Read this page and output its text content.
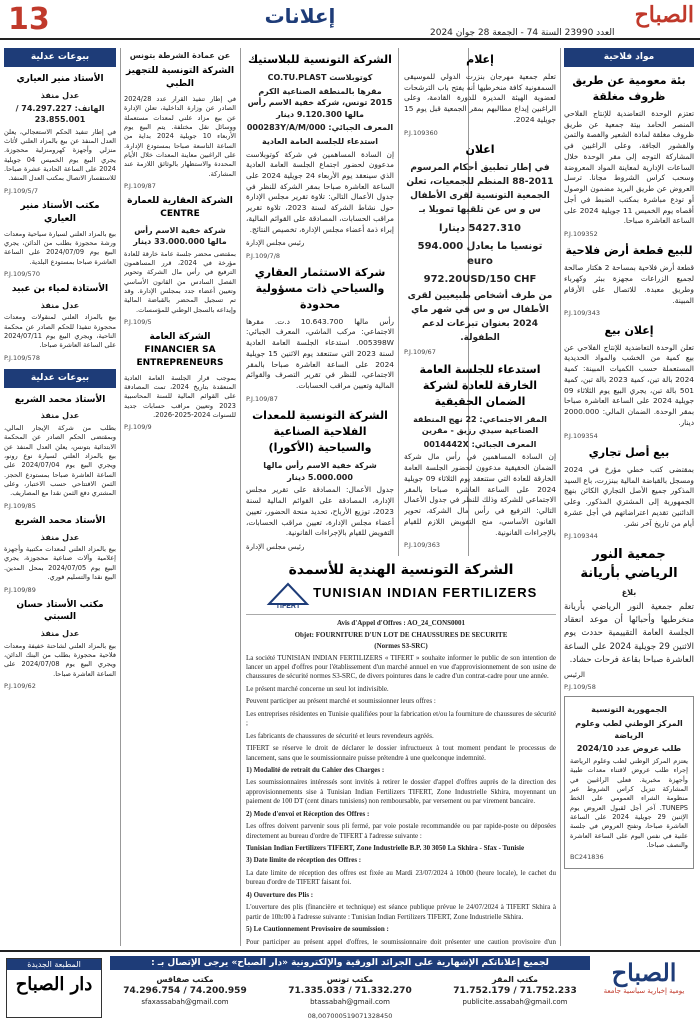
13	إعلانات
العدد 23990 السنة 74 - الجمعة 28 جوان 2024
الصباح
مواد فلاحية
بئة معومية عن طريق ظروف مغلقة

تعتزم الوحدة التعاضدية للإنتاج الفلاحي المنصر الحامد بيتة جمعية عن طريق ظروف مغلقة لمادة الشعير والفصة والتمن والقشور الجافة، وعلى الراغبين في المشاركة التوجه إلى مقر الوحدة خلال الساعات الإدارية لمعاينة المواد المعروضة وسحب كراس الشروط مجانا. ترسل العروض عن طريق البريد مضمون الوصول أو تودع مباشرة بمكتب الضبط في أجل أقصاه يوم الخميس 11 جويلية 2024 على الساعة العاشرة صباحا.

P.J.109352
للبيع قطعة أرض فلاحية

قطعة أرض فلاحية بمساحة 2 هكتار صالحة لجميع الزراعات مجهزة ببئر وكهرباء وطريق معبدة. للاتصال على الأرقام المبينة.

P.J.109/343
إعلان بيع

تعلن الوحدة التعاضدية للإنتاج الفلاحي عن بيع كمية من الخشب والمواد الحديدية المستعملة حسب الكميات المبينة: كمية 2024 بالة تبن، كمية 2023 بالة تبن، كمية 501 بالة تبن، يجري البيع يوم الثلاثاء 09 جويلية 2024 على الساعة العاشرة صباحا بمقر الوحدة. الضمان المالي: 2000.000 دينار.

P.J.109354
بيع أصل تجاري

بمقتضى كتب خطي مؤرخ في 2024 ومسجل بالقباضة المالية ببنزرت، باع السيد المذكور جميع الأصل التجاري الكائن بنهج الجمهورية إلى المشتري المذكور. وعلى الدائنين تقديم اعتراضاتهم في أجل عشرة أيام من تاريخ آخر نشر.

P.J.109344
جمعية النور الرياضي بأريانة
بلاغ

تعلم جمعية النور الرياضي بأريانة منخرطيها وأحبائها أن موعد انعقاد الجلسة العامة التقييمية حددت يوم الاثنين 29 جويلية 2024 على الساعة العاشرة صباحا بقاعة فرحات حشاد.

الرئيس
P.J.109/58
الجمهورية التونسية
المركز الوطني لطب وعلوم الرياضة
طلب عروض عدد 2024/10

يعتزم المركز الوطني لطب وعلوم الرياضة إجراء طلب عروض لاقتناء معدات طبية وأجهزة مخبرية. فعلى الراغبين في المشاركة تنزيل كراس الشروط عبر منظومة الشراء العمومي على الخط TUNEPS. آخر أجل لقبول العروض يوم الإثنين 29 جويلية 2024 على الساعة العاشرة صباحا، وتفتح العروض في جلسة علنية في نفس اليوم على الساعة العاشرة والنصف صباحا.

BC241836
إعلام

تعلم جمعية مهرجان بنزرت الدولي للموسيقى السمفونية كافة منخرطيها أنه يفتح باب الترشحات لعضوية الهيئة المديرة للدورة القادمة، وعلى الراغبين إيداع مطالبهم بمقر الجمعية قبل يوم 15 جويلية 2024.

P.J.109360
اعلان

في إطار تطبيق أحكام المرسوم 2011-88 المنظم للجمعيات، تعلن الجمعية التونسية لقرى الأطفال س و س عن تلقيها تمويلا بـ

5427.310 دينارا
تونسيا ما يعادل 594.000 euro
972.20USD/150 CHF

من طرف أشخاص طبيعيين لقرى الأطفال س و س في شهر ماي 2024 بعنوان تبرعات لدعم الطفولة.

P.J.109/67
استدعاء للجلسة العامة الخارقة للعادة لشركة الضمان الحقيقية
المقر الاجتماعي: 22 نهج المنطقة الصناعية سيدي رزيق - مقرين
المعرف الجبائي: 0014442X

إن السادة المساهمين في رأس مال شركة الضمان الحقيقية مدعوون لحضور الجلسة العامة الخارقة للعادة التي ستنعقد يوم الثلاثاء 09 جويلية 2024 على الساعة العاشرة صباحا بالمقر الاجتماعي للشركة وذلك للنظر في جدول الأعمال التالي: الترفيع في رأس مال الشركة، تحوير القانون الأساسي، منح التفويض اللازم للقيام بالإجراءات القانونية.

P.J.109/363
الشركة التونسية للبلاستيك
كوتوبلاست CO.TU.PLAST
مقرها بالمنطقة الصناعية الكرم 2015 تونس، شركة خفية الاسم رأس مالها 9.120.300 دينار
المعرف الجبائي: 000283Y/A/M/000
استدعاء للجلسة العامة العادية

إن السادة المساهمين في شركة كوتوبلاست مدعوون لحضور اجتماع الجلسة العامة العادية الذي سينعقد يوم الأربعاء 24 جويلية 2024 على الساعة العاشرة صباحا بمقر الشركة للنظر في جدول الأعمال التالي: تلاوة تقرير مجلس الإدارة حول نشاط الشركة لسنة 2023، تلاوة تقرير مراقب الحسابات، المصادقة على القوائم المالية، إبراء ذمة أعضاء مجلس الإدارة، تخصيص النتائج.

رئيس مجلس الإدارة
P.J.109/7/8
شركة الاستثمار العقاري والسياحي ذات مسؤولية محدودة

رأس مالها 10.643.700 د.ت. مقرها الاجتماعي: مركب الماشي، المعرف الجبائي: 005398W. استدعاء الجلسة العامة العادية لسنة 2023 التي ستنعقد يوم الاثنين 15 جويلية 2024 على الساعة العاشرة صباحا بالمقر الاجتماعي، للنظر في تقرير التصرف والقوائم المالية وتعيين مراقب الحسابات.

P.J.109/87
الشركة التونسية للمعدات الفلاحية الصناعية والسياحية (الأكورا)
شركة خفية الاسم رأس مالها 5.000.000 دينار

جدول الأعمال: المصادقة على تقرير مجلس الإدارة، المصادقة على القوائم المالية لسنة 2023، توزيع الأرباح، تحديد منحة الحضور، تعيين أعضاء مجلس الإدارة، تعيين مراقب الحسابات، التفويض للقيام بالإجراءات القانونية.

رئيس مجلس الإدارة
الشركة التونسية الهندية للأسمدة
TIFERT
TUNISIAN INDIAN FERTILIZERS
Avis d'Appel d'Offres : AO_24_CONS0001
Objet: FOURNITURE D'UN LOT DE CHAUSSURES DE SECURITE
(Normes S3-SRC)

La société TUNISIAN INDIAN FERTILIZERS « TIFERT » souhaite informer le public de son intention de lancer un appel d'offres pour l'établissement d'un marché annuel en vue d'approvisionnement de son usine de chaussures de sécurité normes S3-SRC, de divers pointures dans le cadre d'un contrat-cadre pour une année.

Le présent marché concerne un seul lot indivisible.

Peuvent participer au présent marché et soumissionner leurs offres :

Les entreprises résidentes en Tunisie qualifiées pour la fabrication et/ou la fourniture de chaussures de sécurité ;

Les fabricants de chaussures de sécurité et leurs revendeurs agréés.

TIFERT se réserve le droit de déclarer le dossier infructueux à tout moment pendant le processus de lancement, sans que le soumissionnaire puisse prétendre à une quelconque indemnité.

1) Modalité de retrait du Cahier des Charges :

Les soumissionnaires intéressés sont invités à retirer le dossier d'appel d'offres auprès de la direction des approvisionnements sise à Tunisian Indian Fertilizers TIFERT, Zone Industrielle Skhira, moyennant un paiement de 100 DT (cent dinars tunisiens) non remboursable, par versement ou par virement bancaire.

2) Mode d'envoi et Réception des Offres :

Les offres doivent parvenir sous pli fermé, par voie postale recommandée ou par rapide-poste ou déposées directement au bureau d'ordre de TIFERT à l'adresse suivante :

Tunisian Indian Fertilizers TIFERT, Zone Industrielle B.P. 30 3050 La Skhira - Sfax - Tunisie

3) Date limite de réception des Offres :

La date limite de réception des offres est fixée au Mardi 23/07/2024 à 10h00 (heure locale), le cachet du bureau d'ordre de TIFERT faisant foi.

4) Ouverture des Plis :

L'ouverture des plis (financière et technique) est séance publique prévue le 24/07/2024 à TIFERT Skhira à partir de 10h:00 à l'adresse suivante : Tunisian Indian Fertilizers TIFERT, Zone Industrielle Skhira.

5) Le Cautionnement Provisoire de soumission :

Pour participer au présent appel d'offres, le soumissionnaire doit présenter une caution provisoire d'un

عن عمادة الشرطة بتونس
الشركة التونسية للتجهيز الطبي

في إطار تنفيذ القرار عدد 2024/28 الصادر عن وزارة الداخلية، تعلن الإدارة عن بيع مزاد علني لمعدات مستعملة ووسائل نقل مختلفة. يتم البيع يوم الأربعاء 10 جويلية 2024 بداية من الساعة التاسعة صباحا بمستودع الإدارة. على الراغبين معاينة المعدات خلال الأيام المحددة والاستظهار بالوثائق اللازمة عند المشاركة.

P.J.109/87
الشركة العقارية للعمارة CENTRE
شركة خفية الاسم رأس مالها 33.000.000 دينار

بمقتضى محضر جلسة عامة خارقة للعادة مؤرخة في 2024، قرر المساهمون الترفيع في رأس مال الشركة وتحوير الفصل السادس من القانون الأساسي وتعيين أعضاء جدد بمجلس الإدارة. وقد تم تسجيل المحضر بالقباضة المالية وإيداعه بالسجل الوطني للمؤسسات.

P.J.109/5
الشركة العامة FINANCIER SA ENTREPRENEURS

بموجب قرار الجلسة العامة العادية المنعقدة بتاريخ 2024، تمت المصادقة على القوائم المالية للسنة المحاسبية 2023 وتعيين مراقب حسابات جديد للسنوات 2024-2025-2026.

P.J.109/9
بيوعات عدلية
الأستاذ منير العياري
عدل منفذ
الهاتف: 74.297.227 / 23.855.001

في إطار تنفيذ الحكم الاستعجالي، يعلن العدل المنفذ عن بيع بالمزاد العلني لأثاث منزلي وأجهزة كهرومنزلية محجوزة. يجري البيع يوم الخميس 04 جويلية 2024 على الساعة الحادية عشرة صباحا. للاستفسار الاتصال بمكتب العدل المنفذ.

P.J.109/5/7
مكتب الأستاذ منير العياري

بيع بالمزاد العلني لسيارة سياحية ومعدات ورشة محجوزة بطلب من الدائن، يجري البيع يوم 2024/07/09 على الساعة العاشرة صباحا بمستودع البلدية.

P.J.109/570
الأستاذة لمياء بن عبيد
عدل منفذ

بيع بالمزاد العلني لمنقولات ومعدات محجوزة تنفيذا للحكم الصادر عن محكمة الناحية، ويجري البيع يوم 2024/07/11 على الساعة العاشرة صباحا.

P.J.109/578
بيوعات عدلية
الأستاذ محمد الشريع
عدل منفذ

بطلب من شركة الإيجار المالي، وبمقتضى الحكم الصادر عن المحكمة الابتدائية بتونس، يعلن العدل المنفذ عن بيع بالمزاد العلني لسيارة نوع رونو، ويجري البيع يوم 2024/07/04 على الساعة العاشرة صباحا بمستودع الحجز. الثمن الافتتاحي حسب الاختبار، وعلى المشتري دفع الثمن نقدا مع المصاريف.

P.J.109/85
الأستاذ محمد الشريع
عدل منفذ

بيع بالمزاد العلني لمعدات مكتبية وأجهزة إعلامية وآلات صناعية محجوزة، يجري البيع يوم 2024/07/05 بمحل المدين. البيع نقدا والتسليم فوري.

P.J.109/89
مكتب الأستاذ حسان السبتي
عدل منفذ

بيع بالمزاد العلني لشاحنة خفيفة ومعدات فلاحية محجوزة بطلب من البنك الدائن، ويجري البيع يوم 2024/07/08 على الساعة العاشرة صباحا.

P.J.109/62
لجميع إعلاناتكم الإشهارية على الجرائد الورقية والإلكترونية «دار الصباح» يرجى الإتصال بـ :
مكتب صفاقس
74.296.754 / 74.200.959
sfaxassabah@gmail.com
مكتب تونس
71.335.033 / 71.332.270
btassabah@gmail.com
مكتب المقر
71.752.179 / 71.752.233
publicite.assabah@gmail.com
المطبعة الجديدة
دار الصباح	الصباح
يومية إخبارية سياسية جامعة
08,007000519071328450
